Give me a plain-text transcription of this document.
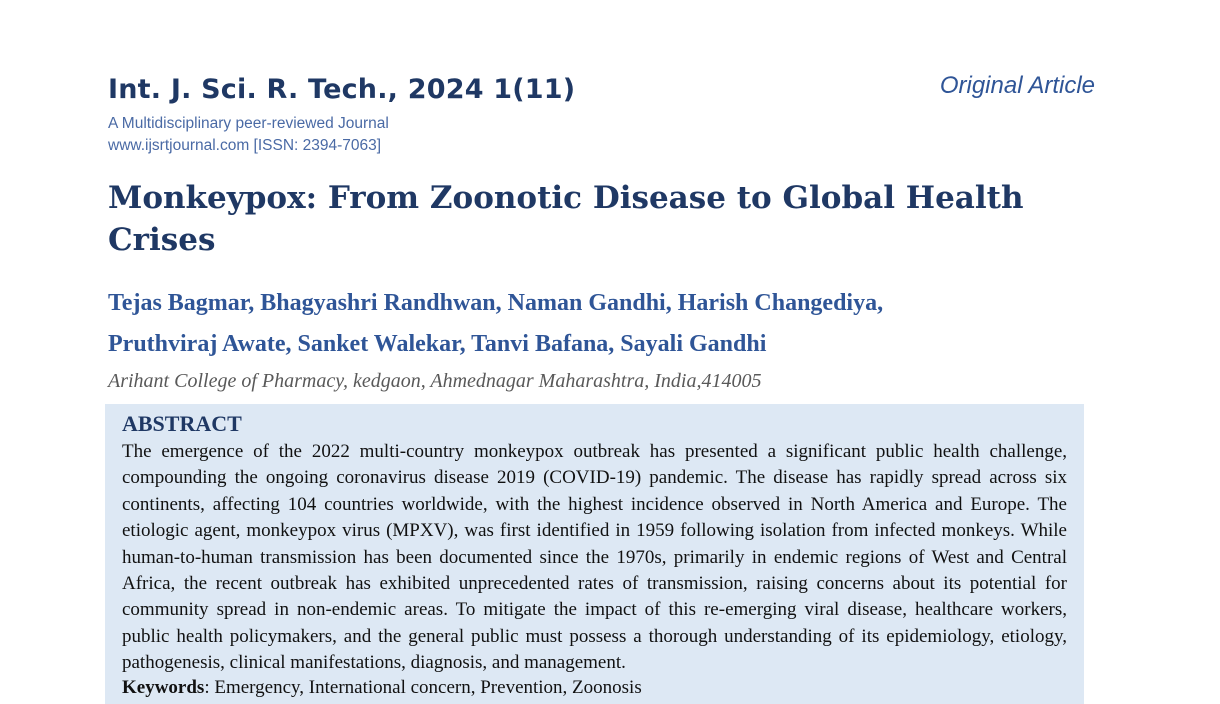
Int. J. Sci. R. Tech., 2024 1(11)	Original Article
A Multidisciplinary peer-reviewed Journal
www.ijsrtjournal.com [ISSN: 2394-7063]
Monkeypox: From Zoonotic Disease to Global Health Crises
Tejas Bagmar, Bhagyashri Randhwan, Naman Gandhi, Harish Changediya,
Pruthviraj Awate, Sanket Walekar, Tanvi Bafana, Sayali Gandhi
Arihant College of Pharmacy, kedgaon, Ahmednagar Maharashtra, India,414005
ABSTRACT

The emergence of the 2022 multi-country monkeypox outbreak has presented a significant public health challenge, compounding the ongoing coronavirus disease 2019 (COVID-19) pandemic. The disease has rapidly spread across six continents, affecting 104 countries worldwide, with the highest incidence observed in North America and Europe. The etiologic agent, monkeypox virus (MPXV), was first identified in 1959 following isolation from infected monkeys. While human-to-human transmission has been documented since the 1970s, primarily in endemic regions of West and Central Africa, the recent outbreak has exhibited unprecedented rates of transmission, raising concerns about its potential for community spread in non-endemic areas. To mitigate the impact of this re-emerging viral disease, healthcare workers, public health policymakers, and the general public must possess a thorough understanding of its epidemiology, etiology, pathogenesis, clinical manifestations, diagnosis, and management.

Keywords: Emergency, International concern, Prevention, Zoonosis
